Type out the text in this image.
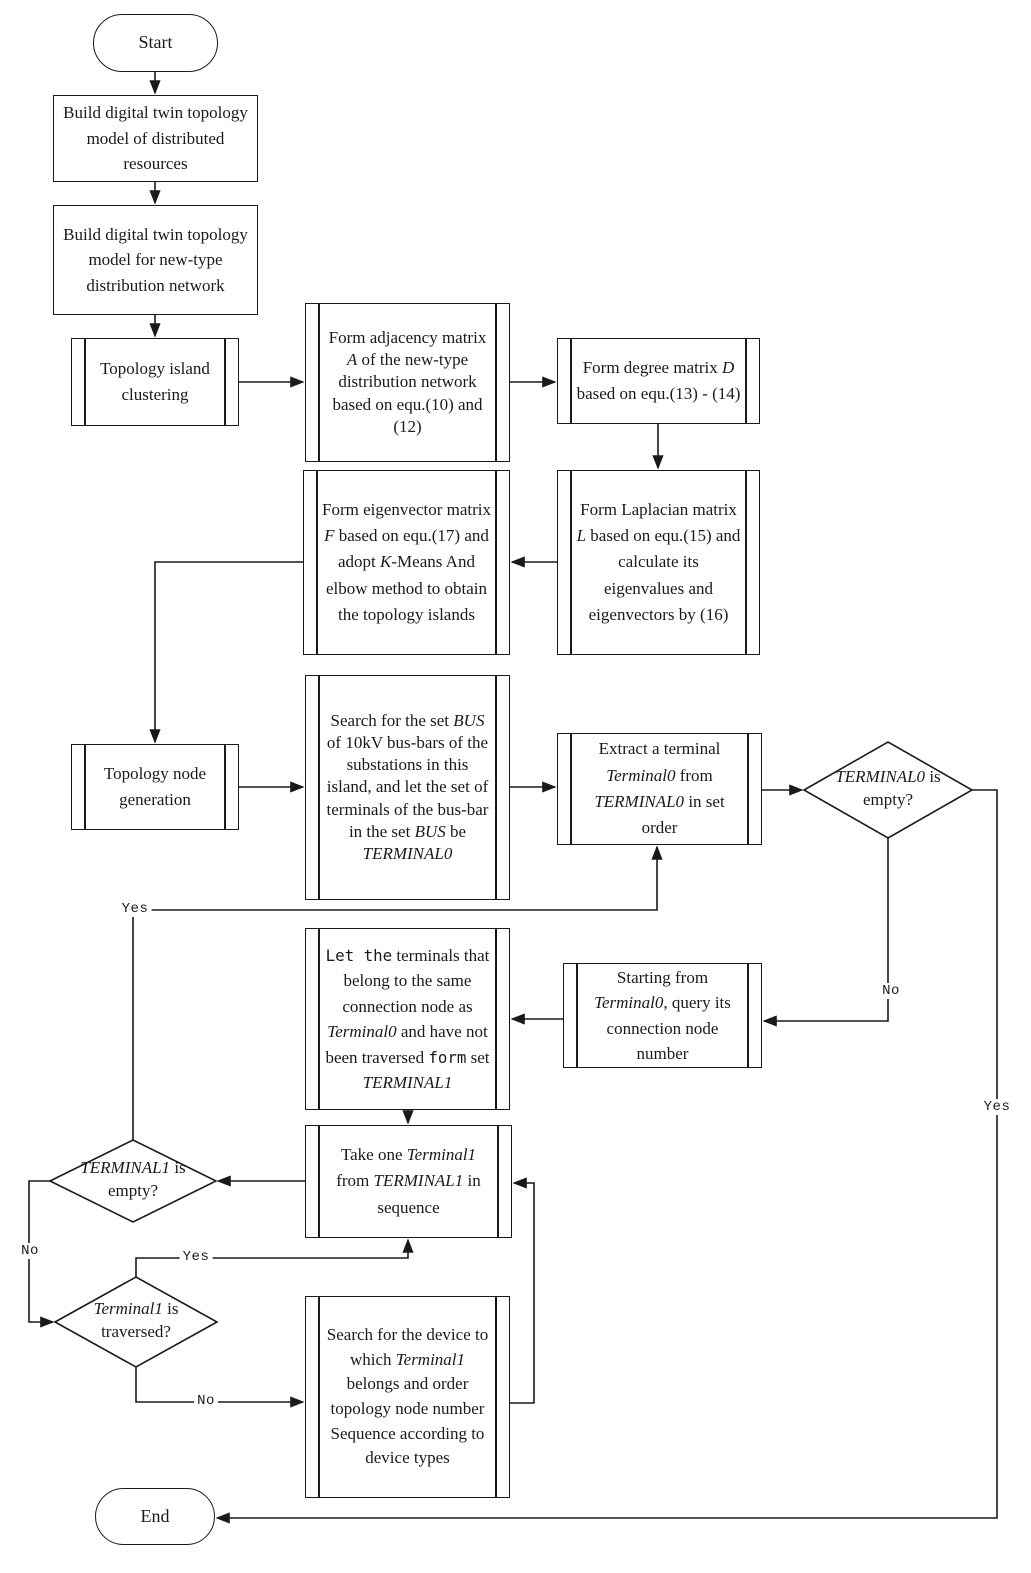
Start
End
Build digital twin topology model of distributed resources
Build digital twin topology model for new-type distribution network
Topology island clustering
Form adjacency matrix A of the new-type distribution network based on equ.(10) and (12)
Form degree matrix D based on equ.(13) - (14)
Form Laplacian matrix L based on equ.(15) and calculate its eigenvalues and eigenvectors by (16)
Form eigenvector matrix F based on equ.(17) and adopt K-Means And elbow method to obtain the topology islands
Topology node generation
Search for the set BUS of 10kV bus-bars of the substations in this island, and let the set of terminals of the bus-bar in the set BUS be TERMINAL0
Extract a terminal Terminal0 from TERMINAL0 in set order
Starting from Terminal0, query its connection node number
Let the terminals that belong to the same connection node as Terminal0 and have not been traversed form set TERMINAL1
Take one Terminal1 from TERMINAL1 in sequence
Search for the device to which Terminal1 belongs and order topology node number Sequence according to device types
TERMINAL0 is empty?
TERMINAL1 is empty?
Terminal1 is traversed?
No
Yes
Yes
No	Yes
No
